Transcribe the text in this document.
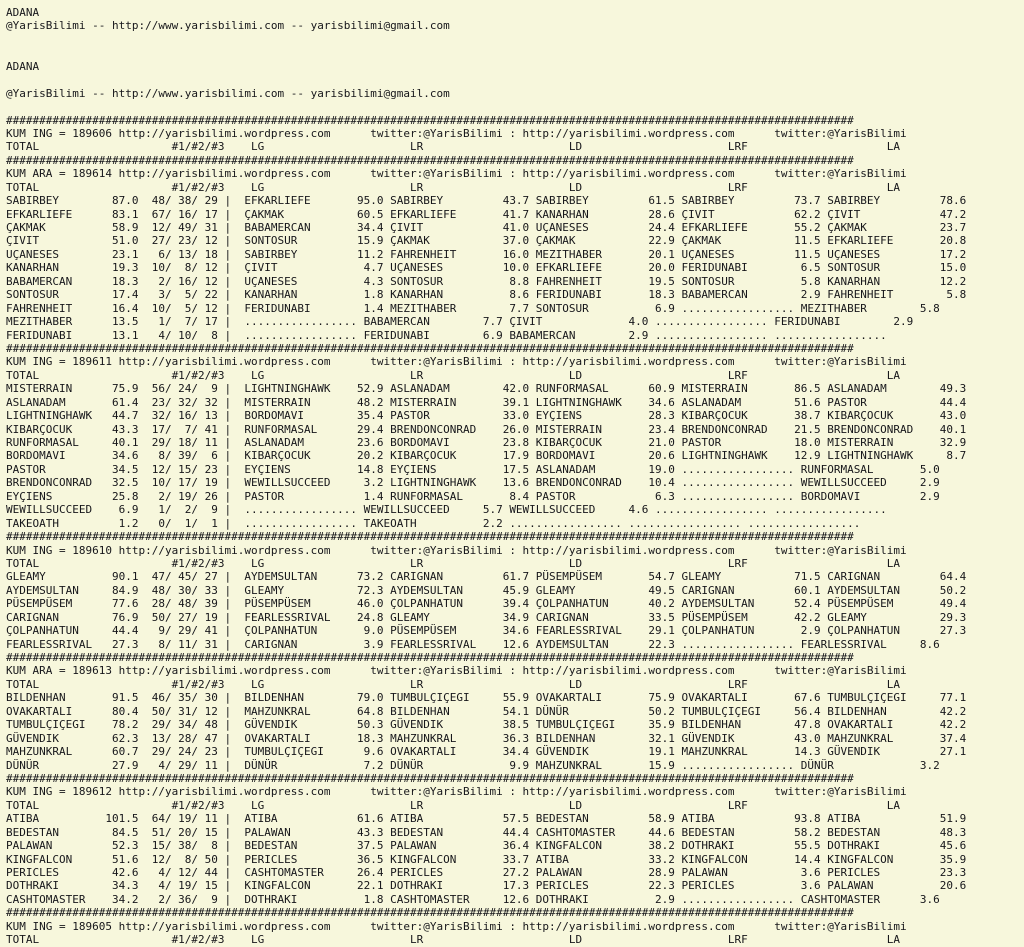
ADANA
@YarisBilimi -- http://www.yarisbilimi.com -- yarisbilimi@gmail.com
ADANA
@YarisBilimi -- http://www.yarisbilimi.com -- yarisbilimi@gmail.com
################################################################################################################################
KUM ING = 189606 http://yarisbilimi.wordpress.com      twitter:@YarisBilimi : http://yarisbilimi.wordpress.com      twitter:@YarisBilimi
TOTAL                    #1/#2/#3    LG                      LR                      LD                      LRF                     LA
################################################################################################################################
KUM ARA = 189614 http://yarisbilimi.wordpress.com      twitter:@YarisBilimi : http://yarisbilimi.wordpress.com      twitter:@YarisBilimi
TOTAL                    #1/#2/#3    LG                      LR                      LD                      LRF                     LA
SABIRBEY        87.0  48/ 38/ 29 |  EFKARLIEFE       95.0 SABIRBEY         43.7 SABIRBEY         61.5 SABIRBEY         73.7 SABIRBEY         78.6
EFKARLIEFE      83.1  67/ 16/ 17 |  ÇAKMAK           60.5 EFKARLIEFE       41.7 KANARHAN         28.6 ÇIVIT            62.2 ÇIVIT            47.2
ÇAKMAK          58.9  12/ 49/ 31 |  BABAMERCAN       34.4 ÇIVIT            41.0 UÇANESES         24.4 EFKARLIEFE       55.2 ÇAKMAK           23.7
ÇIVIT           51.0  27/ 23/ 12 |  SONTOSUR         15.9 ÇAKMAK           37.0 ÇAKMAK           22.9 ÇAKMAK           11.5 EFKARLIEFE       20.8
UÇANESES        23.1   6/ 13/ 18 |  SABIRBEY         11.2 FAHRENHEIT       16.0 MEZITHABER       20.1 UÇANESES         11.5 UÇANESES         17.2
KANARHAN        19.3  10/  8/ 12 |  ÇIVIT             4.7 UÇANESES         10.0 EFKARLIEFE       20.0 FERIDUNABI        6.5 SONTOSUR         15.0
BABAMERCAN      18.3   2/ 16/ 12 |  UÇANESES          4.3 SONTOSUR          8.8 FAHRENHEIT       19.5 SONTOSUR          5.8 KANARHAN         12.2
SONTOSUR        17.4   3/  5/ 22 |  KANARHAN          1.8 KANARHAN          8.6 FERIDUNABI       18.3 BABAMERCAN        2.9 FAHRENHEIT        5.8
FAHRENHEIT      16.4  10/  5/ 12 |  FERIDUNABI        1.4 MEZITHABER        7.7 SONTOSUR          6.9 ................. MEZITHABER        5.8
MEZITHABER      13.5   1/  7/ 17 |  ................. BABAMERCAN        7.7 ÇIVIT             4.0 ................. FERIDUNABI        2.9
FERIDUNABI      13.1   4/ 10/  8 |  ................. FERIDUNABI        6.9 BABAMERCAN        2.9 ................. .................
################################################################################################################################
KUM ING = 189611 http://yarisbilimi.wordpress.com      twitter:@YarisBilimi : http://yarisbilimi.wordpress.com      twitter:@YarisBilimi
TOTAL                    #1/#2/#3    LG                      LR                      LD                      LRF                     LA
MISTERRAIN      75.9  56/ 24/  9 |  LIGHTNINGHAWK    52.9 ASLANADAM        42.0 RUNFORMASAL      60.9 MISTERRAIN       86.5 ASLANADAM        49.3
ASLANADAM       61.4  23/ 32/ 32 |  MISTERRAIN       48.2 MISTERRAIN       39.1 LIGHTNINGHAWK    34.6 ASLANADAM        51.6 PASTOR           44.4
LIGHTNINGHAWK   44.7  32/ 16/ 13 |  BORDOMAVI        35.4 PASTOR           33.0 EYÇIENS          28.3 KIBARÇOCUK       38.7 KIBARÇOCUK       43.0
KIBARÇOCUK      43.3  17/  7/ 41 |  RUNFORMASAL      29.4 BRENDONCONRAD    26.0 MISTERRAIN       23.4 BRENDONCONRAD    21.5 BRENDONCONRAD    40.1
RUNFORMASAL     40.1  29/ 18/ 11 |  ASLANADAM        23.6 BORDOMAVI        23.8 KIBARÇOCUK       21.0 PASTOR           18.0 MISTERRAIN       32.9
BORDOMAVI       34.6   8/ 39/  6 |  KIBARÇOCUK       20.2 KIBARÇOCUK       17.9 BORDOMAVI        20.6 LIGHTNINGHAWK    12.9 LIGHTNINGHAWK     8.7
PASTOR          34.5  12/ 15/ 23 |  EYÇIENS          14.8 EYÇIENS          17.5 ASLANADAM        19.0 ................. RUNFORMASAL       5.0
BRENDONCONRAD   32.5  10/ 17/ 19 |  WEWILLSUCCEED     3.2 LIGHTNINGHAWK    13.6 BRENDONCONRAD    10.4 ................. WEWILLSUCCEED     2.9
EYÇIENS         25.8   2/ 19/ 26 |  PASTOR            1.4 RUNFORMASAL       8.4 PASTOR            6.3 ................. BORDOMAVI         2.9
WEWILLSUCCEED    6.9   1/  2/  9 |  ................. WEWILLSUCCEED     5.7 WEWILLSUCCEED     4.6 ................. .................
TAKEOATH         1.2   0/  1/  1 |  ................. TAKEOATH          2.2 ................. ................. .................
################################################################################################################################
KUM ING = 189610 http://yarisbilimi.wordpress.com      twitter:@YarisBilimi : http://yarisbilimi.wordpress.com      twitter:@YarisBilimi
TOTAL                    #1/#2/#3    LG                      LR                      LD                      LRF                     LA
GLEAMY          90.1  47/ 45/ 27 |  AYDEMSULTAN      73.2 CARIGNAN         61.7 PÜSEMPÜSEM       54.7 GLEAMY           71.5 CARIGNAN         64.4
AYDEMSULTAN     84.9  48/ 30/ 33 |  GLEAMY           72.3 AYDEMSULTAN      45.9 GLEAMY           49.5 CARIGNAN         60.1 AYDEMSULTAN      50.2
PÜSEMPÜSEM      77.6  28/ 48/ 39 |  PÜSEMPÜSEM       46.0 ÇOLPANHATUN      39.4 ÇOLPANHATUN      40.2 AYDEMSULTAN      52.4 PÜSEMPÜSEM       49.4
CARIGNAN        76.9  50/ 27/ 19 |  FEARLESSRIVAL    24.8 GLEAMY           34.9 CARIGNAN         33.5 PÜSEMPÜSEM       42.2 GLEAMY           29.3
ÇOLPANHATUN     44.4   9/ 29/ 41 |  ÇOLPANHATUN       9.0 PÜSEMPÜSEM       34.6 FEARLESSRIVAL    29.1 ÇOLPANHATUN       2.9 ÇOLPANHATUN      27.3
FEARLESSRIVAL   27.3   8/ 11/ 31 |  CARIGNAN          3.9 FEARLESSRIVAL    12.6 AYDEMSULTAN      22.3 ................. FEARLESSRIVAL     8.6
################################################################################################################################
KUM ARA = 189613 http://yarisbilimi.wordpress.com      twitter:@YarisBilimi : http://yarisbilimi.wordpress.com      twitter:@YarisBilimi
TOTAL                    #1/#2/#3    LG                      LR                      LD                      LRF                     LA
BILDENHAN       91.5  46/ 35/ 30 |  BILDENHAN        79.0 TUMBULÇIÇEGI     55.9 OVAKARTALI       75.9 OVAKARTALI       67.6 TUMBULÇIÇEGI     77.1
OVAKARTALI      80.4  50/ 31/ 12 |  MAHZUNKRAL       64.8 BILDENHAN        54.1 DÜNÜR            50.2 TUMBULÇIÇEGI     56.4 BILDENHAN        42.2
TUMBULÇIÇEGI    78.2  29/ 34/ 48 |  GÜVENDIK         50.3 GÜVENDIK         38.5 TUMBULÇIÇEGI     35.9 BILDENHAN        47.8 OVAKARTALI       42.2
GÜVENDIK        62.3  13/ 28/ 47 |  OVAKARTALI       18.3 MAHZUNKRAL       36.3 BILDENHAN        32.1 GÜVENDIK         43.0 MAHZUNKRAL       37.4
MAHZUNKRAL      60.7  29/ 24/ 23 |  TUMBULÇIÇEGI      9.6 OVAKARTALI       34.4 GÜVENDIK         19.1 MAHZUNKRAL       14.3 GÜVENDIK         27.1
DÜNÜR           27.9   4/ 29/ 11 |  DÜNÜR             7.2 DÜNÜR             9.9 MAHZUNKRAL       15.9 ................. DÜNÜR             3.2
################################################################################################################################
KUM ING = 189612 http://yarisbilimi.wordpress.com      twitter:@YarisBilimi : http://yarisbilimi.wordpress.com      twitter:@YarisBilimi
TOTAL                    #1/#2/#3    LG                      LR                      LD                      LRF                     LA
ATIBA          101.5  64/ 19/ 11 |  ATIBA            61.6 ATIBA            57.5 BEDESTAN         58.9 ATIBA            93.8 ATIBA            51.9
BEDESTAN        84.5  51/ 20/ 15 |  PALAWAN          43.3 BEDESTAN         44.4 CASHTOMASTER     44.6 BEDESTAN         58.2 BEDESTAN         48.3
PALAWAN         52.3  15/ 38/  8 |  BEDESTAN         37.5 PALAWAN          36.4 KINGFALCON       38.2 DOTHRAKI         55.5 DOTHRAKI         45.6
KINGFALCON      51.6  12/  8/ 50 |  PERICLES         36.5 KINGFALCON       33.7 ATIBA            33.2 KINGFALCON       14.4 KINGFALCON       35.9
PERICLES        42.6   4/ 12/ 44 |  CASHTOMASTER     26.4 PERICLES         27.2 PALAWAN          28.9 PALAWAN           3.6 PERICLES         23.3
DOTHRAKI        34.3   4/ 19/ 15 |  KINGFALCON       22.1 DOTHRAKI         17.3 PERICLES         22.3 PERICLES          3.6 PALAWAN          20.6
CASHTOMASTER    34.2   2/ 36/  9 |  DOTHRAKI          1.8 CASHTOMASTER     12.6 DOTHRAKI          2.9 ................. CASHTOMASTER      3.6
################################################################################################################################
KUM ING = 189605 http://yarisbilimi.wordpress.com      twitter:@YarisBilimi : http://yarisbilimi.wordpress.com      twitter:@YarisBilimi
TOTAL                    #1/#2/#3    LG                      LR                      LD                      LRF                     LA
